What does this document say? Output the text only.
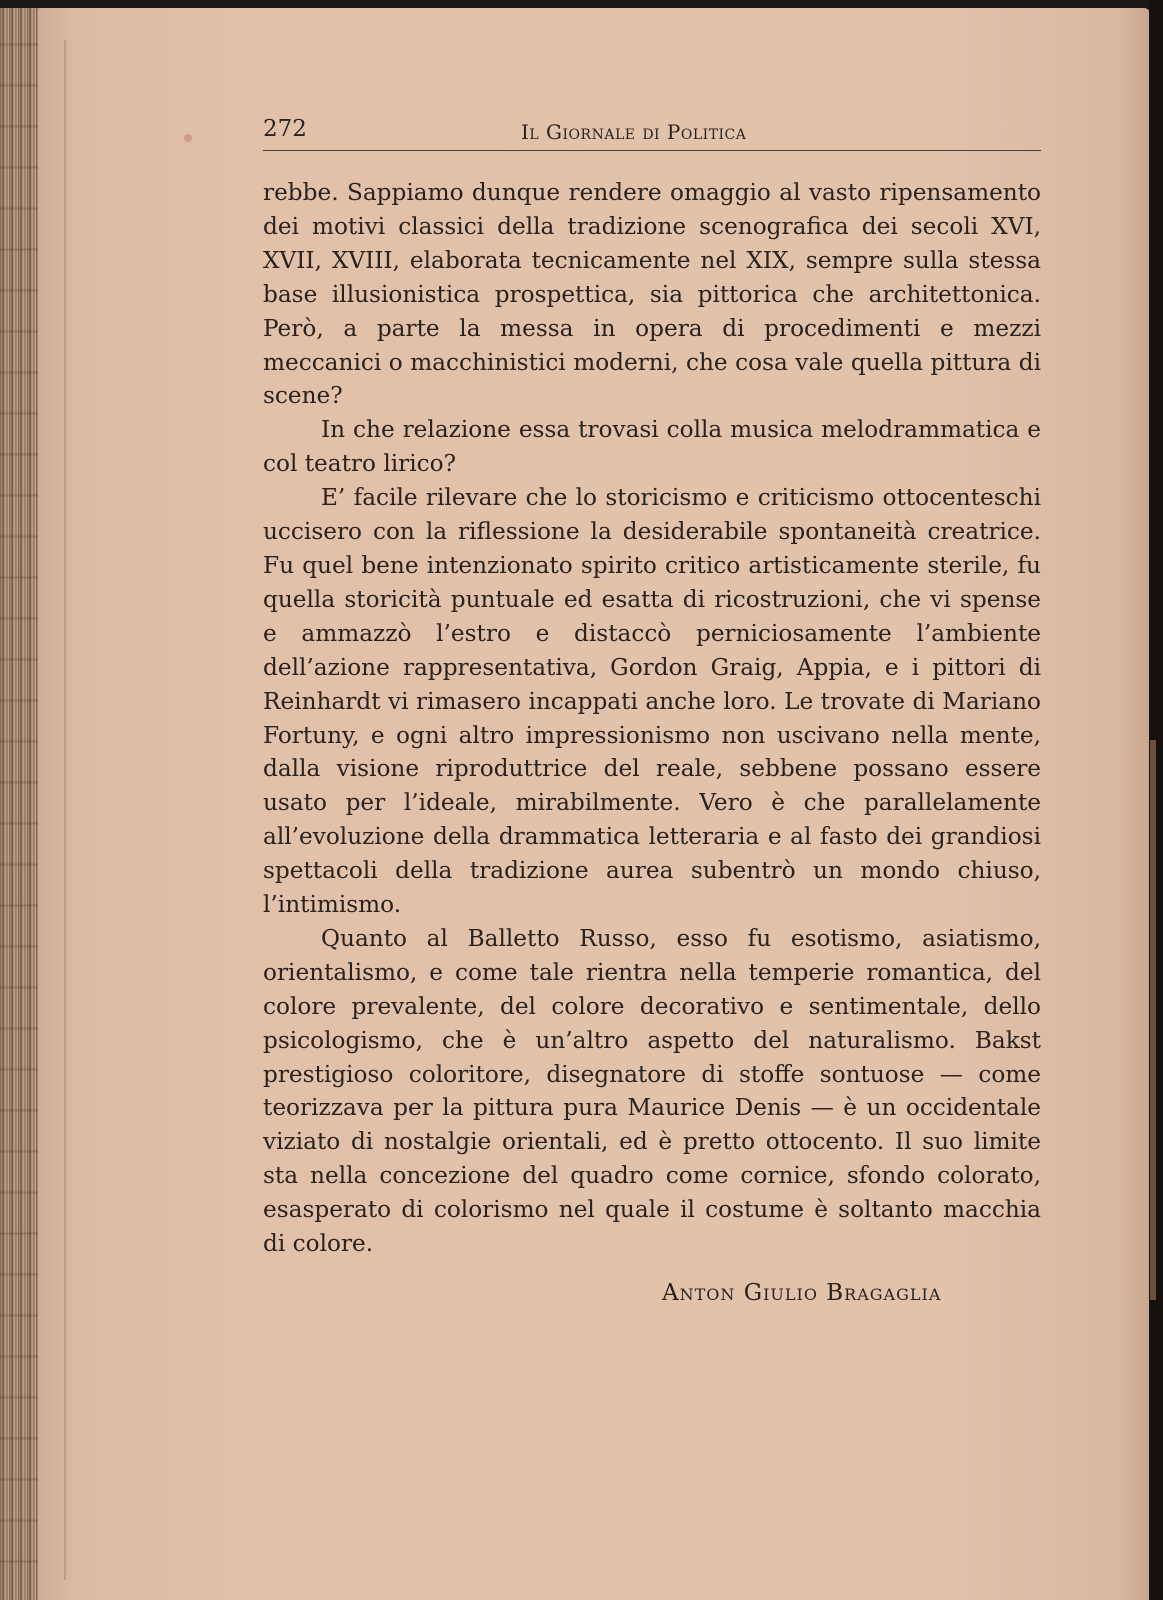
272	Il Giornale di Politica

rebbe. Sappiamo dunque rendere omaggio al vasto ripensamento dei motivi classici della tradizione scenografica dei secoli XVI, XVII, XVIII, elaborata tecnicamente nel XIX, sempre sulla stessa base illusionistica prospettica, sia pittorica che architettonica. Però, a parte la messa in opera di procedimenti e mezzi meccanici o macchinistici moderni, che cosa vale quella pittura di scene?

In che relazione essa trovasi colla musica melodrammatica e col teatro lirico?

E’ facile rilevare che lo storicismo e criticismo ottocenteschi uccisero con la riflessione la desiderabile spontaneità creatrice. Fu quel bene intenzionato spirito critico artisticamente sterile, fu quella storicità puntuale ed esatta di ricostruzioni, che vi spense e ammazzò l’estro e distaccò perniciosamente l’ambiente dell’azione rappresentativa, Gordon Graig, Appia, e i pittori di Reinhardt vi rimasero incappati anche loro. Le trovate di Mariano Fortuny, e ogni altro impressionismo non uscivano nella mente, dalla visione riproduttrice del reale, sebbene possano essere usato per l’ideale, mirabilmente. Vero è che parallelamente all’evoluzione della drammatica letteraria e al fasto dei grandiosi spettacoli della tradizione aurea subentrò un mondo chiuso, l’intimismo.

Quanto al Balletto Russo, esso fu esotismo, asiatismo, orientalismo, e come tale rientra nella temperie romantica, del colore prevalente, del colore decorativo e sentimentale, dello psicologismo, che è un’altro aspetto del naturalismo. Bakst prestigioso coloritore, disegnatore di stoffe sontuose — come teorizzava per la pittura pura Maurice Denis — è un occidentale viziato di nostalgie orientali, ed è pretto ottocento. Il suo limite sta nella concezione del quadro come cornice, sfondo colorato, esasperato di colorismo nel quale il costume è soltanto macchia di colore.

Anton Giulio Bragaglia
